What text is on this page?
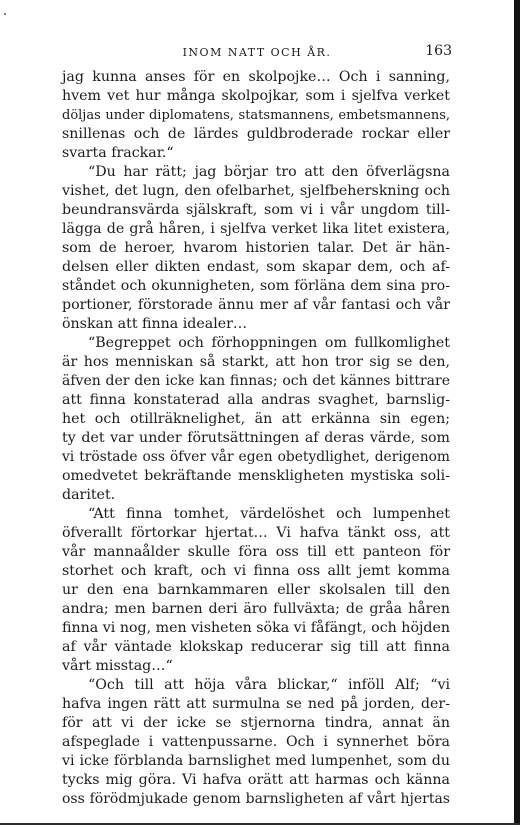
INOM NATT OCH ÅR.	163
jag kunna anses för en skolpojke… Och i sanning,
hvem vet hur många skolpojkar, som i sjelfva verket
döljas under diplomatens, statsmannens, embetsmannens,
snillenas och de lärdes guldbroderade rockar eller
svarta frackar.“
“Du har rätt; jag börjar tro att den öfverlägsna
vishet, det lugn, den ofelbarhet, sjelfbeherskning och
beundransvärda själskraft, som vi i vår ungdom till-
lägga de grå håren, i sjelfva verket lika litet existera,
som de heroer, hvarom historien talar. Det är hän-
delsen eller dikten endast, som skapar dem, och af-
ståndet och okunnigheten, som förläna dem sina pro-
portioner, förstorade ännu mer af vår fantasi och vår
önskan att finna idealer…
“Begreppet och förhoppningen om fullkomlighet
är hos menniskan så starkt, att hon tror sig se den,
äfven der den icke kan finnas; och det kännes bittrare
att finna konstaterad alla andras svaghet, barnslig-
het och otillräknelighet, än att erkänna sin egen;
ty det var under förutsättningen af deras värde, som
vi tröstade oss öfver vår egen obetydlighet, derigenom
omedvetet bekräftande menskligheten mystiska soli-
daritet.
“Att finna tomhet, värdelöshet och lumpenhet
öfverallt förtorkar hjertat… Vi hafva tänkt oss, att
vår mannaålder skulle föra oss till ett panteon för
storhet och kraft, och vi finna oss allt jemt komma
ur den ena barnkammaren eller skolsalen till den
andra; men barnen deri äro fullväxta; de gråa håren
finna vi nog, men visheten söka vi fåfängt, och höjden
af vår väntade klokskap reducerar sig till att finna
vårt misstag…“
“Och till att höja våra blickar,“ inföll Alf; “vi
hafva ingen rätt att surmulna se ned på jorden, der-
för att vi der icke se stjernorna tindra, annat än
afspeglade i vattenpussarne. Och i synnerhet böra
vi icke förblanda barnslighet med lumpenhet, som du
tycks mig göra. Vi hafva orätt att harmas och känna
oss förödmjukade genom barnsligheten af vårt hjertas
